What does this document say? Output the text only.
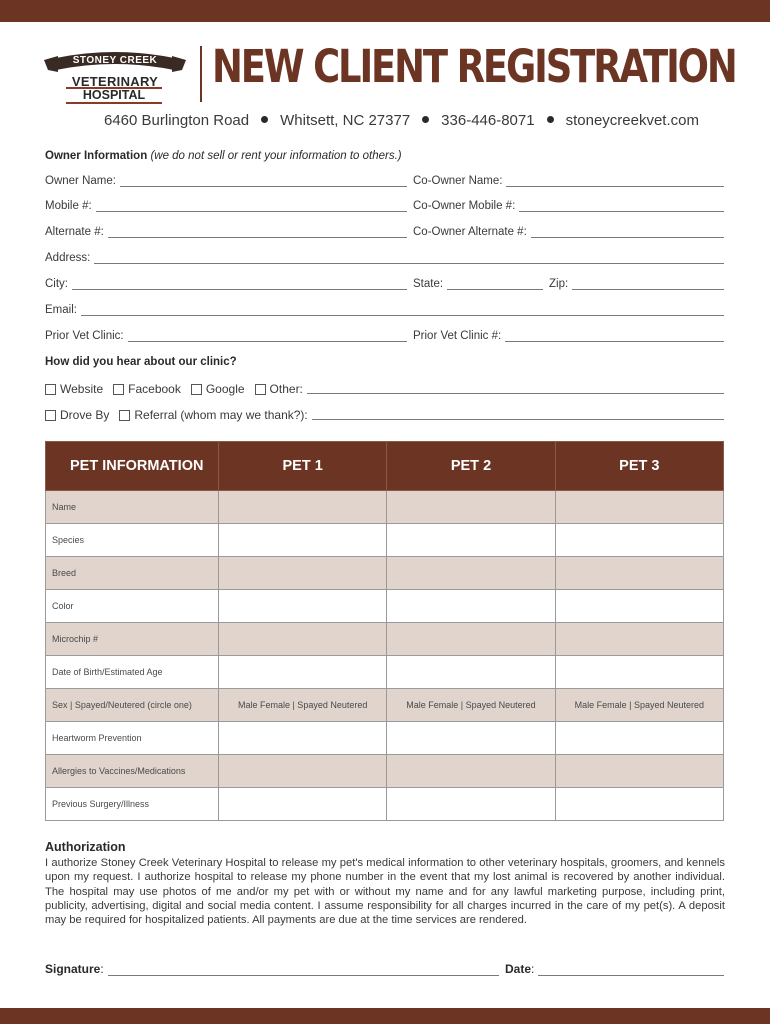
STONEY CREEK
VETERINARY
HOSPITAL
NEW CLIENT REGISTRATION
6460 Burlington Road Whitsett, NC 27377 336-446-8071 stoneycreekvet.com
Owner Information (we do not sell or rent your information to others.)
Owner Name:	Co-Owner Name:
Mobile #:	Co-Owner Mobile #:
Alternate #:	Co-Owner Alternate #:
Address:
City:	State:	Zip:
Email:
Prior Vet Clinic:	Prior Vet Clinic #:
How did you hear about our clinic?
Website Facebook Google Other:
Drove By Referral (whom may we thank?):
PET INFORMATION	PET 1	PET 2	PET 3
Name			
Species			
Breed			
Color			
Microchip #			
Date of Birth/Estimated Age			
Sex | Spayed/Neutered (circle one)	Male Female | Spayed Neutered	Male Female | Spayed Neutered	Male Female | Spayed Neutered
Heartworm Prevention			
Allergies to Vaccines/Medications			
Previous Surgery/Illness			
Authorization
I authorize Stoney Creek Veterinary Hospital to release my pet's medical information to other veterinary hospitals, groomers, and kennels upon my request. I authorize hospital to release my phone number in the event that my lost animal is recovered by another individual. The hospital may use photos of me and/or my pet with or without my name and for any lawful marketing purpose, including print, publicity, advertising, digital and social media content. I assume responsibility for all charges incurred in the care of my pet(s). A deposit may be required for hospitalized patients. All payments are due at the time services are rendered.
Signature :	Date :
